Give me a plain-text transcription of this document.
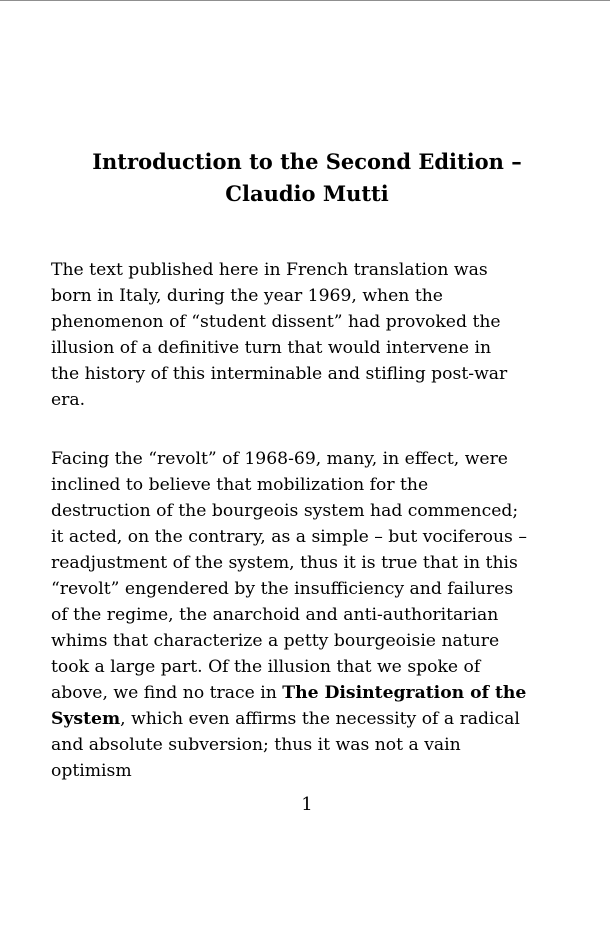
Introduction to the Second Edition –
Claudio Mutti

The text published here in French translation was
born in Italy, during the year 1969, when the
phenomenon of “student dissent” had provoked the
illusion of a definitive turn that would intervene in
the history of this interminable and stifling post-war
era.

Facing the “revolt” of 1968-69, many, in effect, were
inclined to believe that mobilization for the
destruction of the bourgeois system had commenced;
it acted, on the contrary, as a simple – but vociferous –
readjustment of the system, thus it is true that in this
“revolt” engendered by the insufficiency and failures
of the regime, the anarchoid and anti-authoritarian
whims that characterize a petty bourgeoisie nature
took a large part. Of the illusion that we spoke of
above, we find no trace in The Disintegration of the
System, which even affirms the necessity of a radical
and absolute subversion; thus it was not a vain
optimism

1
